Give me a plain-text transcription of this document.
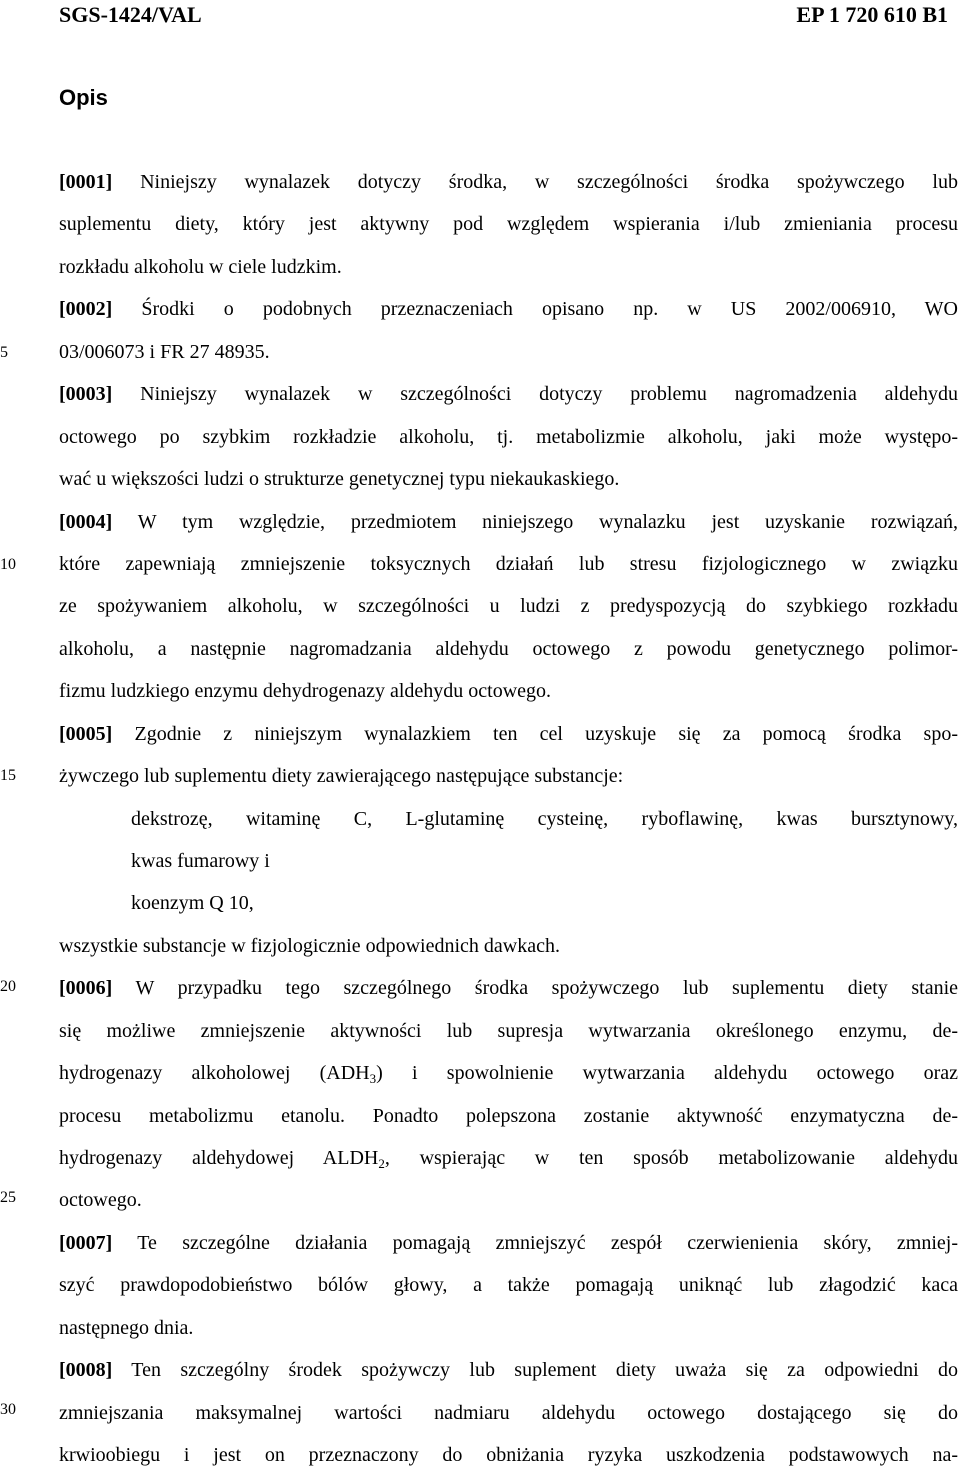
SGS-1424/VAL	EP 1 720 610 B1
Opis
5
10
15
20
25
30
[0001] Niniejszy wynalazek dotyczy środka, w szczególności środka spożywczego lub
suplementu diety, który jest aktywny pod względem wspierania i/lub zmieniania procesu
rozkładu alkoholu w ciele ludzkim.
[0002] Środki o podobnych przeznaczeniach opisano np. w US 2002/006910, WO
03/006073 i FR 27 48935.
[0003] Niniejszy wynalazek w szczególności dotyczy problemu nagromadzenia aldehydu
octowego po szybkim rozkładzie alkoholu, tj. metabolizmie alkoholu, jaki może występo-
wać u większości ludzi o strukturze genetycznej typu niekaukaskiego.
[0004] W tym względzie, przedmiotem niniejszego wynalazku jest uzyskanie rozwiązań,
które zapewniają zmniejszenie toksycznych działań lub stresu fizjologicznego w związku
ze spożywaniem alkoholu, w szczególności u ludzi z predyspozycją do szybkiego rozkładu
alkoholu, a następnie nagromadzania aldehydu octowego z powodu genetycznego polimor-
fizmu ludzkiego enzymu dehydrogenazy aldehydu octowego.
[0005] Zgodnie z niniejszym wynalazkiem ten cel uzyskuje się za pomocą środka spo-
żywczego lub suplementu diety zawierającego następujące substancje:
dekstrozę, witaminę C, L-glutaminę cysteinę, ryboflawinę, kwas bursztynowy,
kwas fumarowy i
koenzym Q 10,
wszystkie substancje w fizjologicznie odpowiednich dawkach.
[0006] W przypadku tego szczególnego środka spożywczego lub suplementu diety stanie
się możliwe zmniejszenie aktywności lub supresja wytwarzania określonego enzymu, de-
hydrogenazy alkoholowej $(ADH_3)$ i spowolnienie wytwarzania aldehydu octowego oraz
procesu metabolizmu etanolu. Ponadto polepszona zostanie aktywność enzymatyczna de-
hydrogenazy aldehydowej $ALDH_2$, wspierając w ten sposób metabolizowanie aldehydu
octowego.
[0007] Te szczególne działania pomagają zmniejszyć zespół czerwienienia skóry, zmniej-
szyć prawdopodobieństwo bólów głowy, a także pomagają uniknąć lub złagodzić kaca
następnego dnia.
[0008] Ten szczególny środek spożywczy lub suplement diety uważa się za odpowiedni do
zmniejszania maksymalnej wartości nadmiaru aldehydu octowego dostającego się do
krwioobiegu i jest on przeznaczony do obniżania ryzyka uszkodzenia podstawowych na-
